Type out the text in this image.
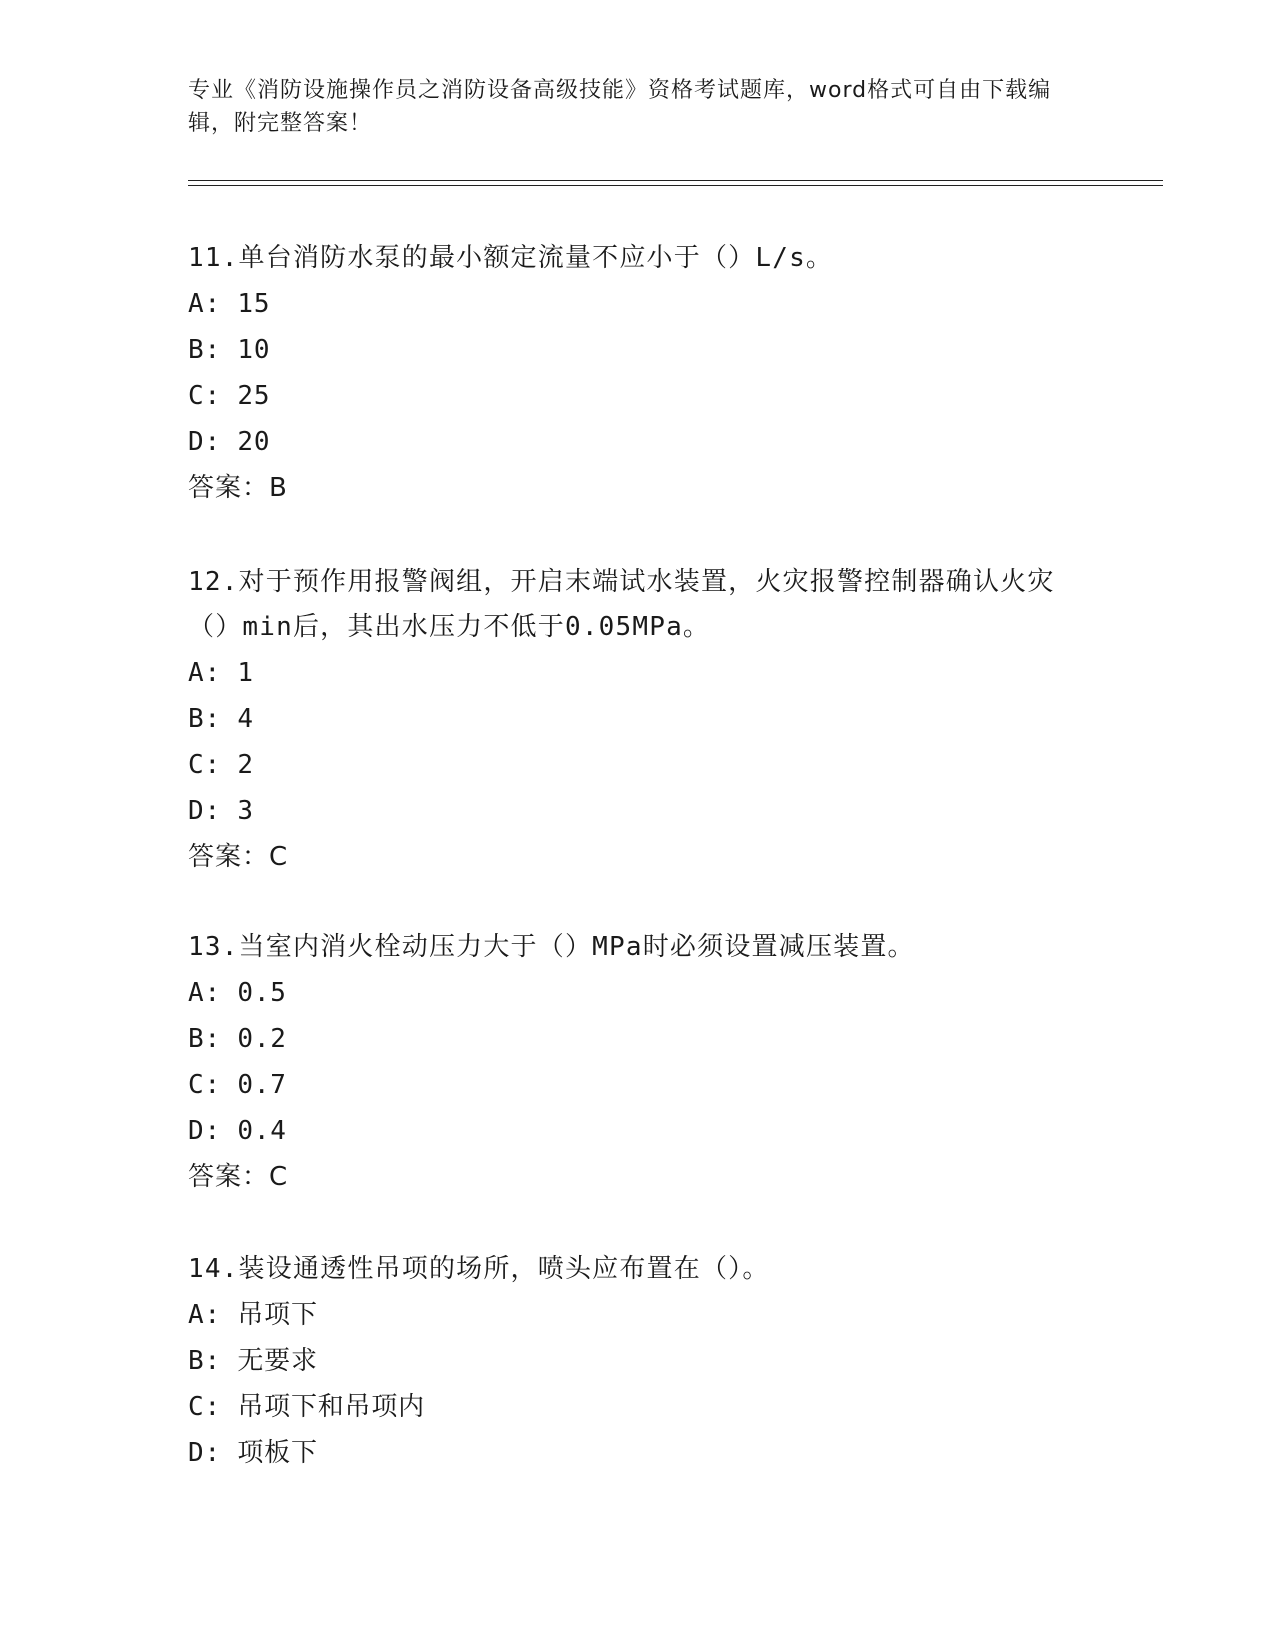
专业《消防设施操作员之消防设备高级技能》资格考试题库，word格式可自由下载编辑，附完整答案！
11.单台消防水泵的最小额定流量不应小于（）L/s。
A: 15
B: 10
C: 25
D: 20
答案：B
12.对于预作用报警阀组，开启末端试水装置，火灾报警控制器确认火灾（）min后，其出水压力不低于0.05MPa。
A: 1
B: 4
C: 2
D: 3
答案：C
13.当室内消火栓动压力大于（）MPa时必须设置减压装置。
A: 0.5
B: 0.2
C: 0.7
D: 0.4
答案：C
14.装设通透性吊项的场所，喷头应布置在（）。
A: 吊项下
B: 无要求
C: 吊项下和吊项内
D: 项板下
